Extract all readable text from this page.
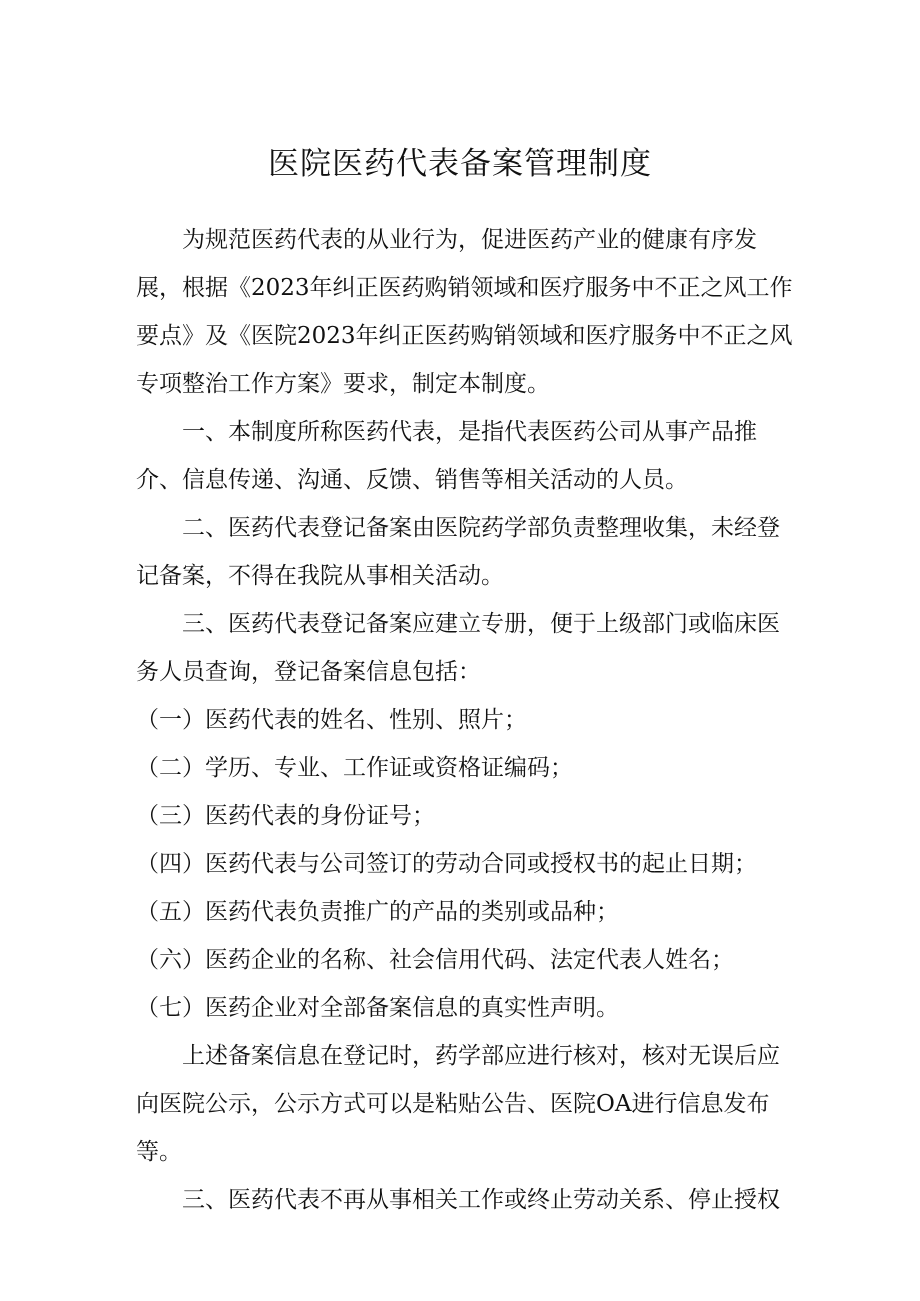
医院医药代表备案管理制度

为规范医药代表的从业行为，促进医药产业的健康有序发展，根据《2023年纠正医药购销领域和医疗服务中不正之风工作要点》及《医院2023年纠正医药购销领域和医疗服务中不正之风专项整治工作方案》要求，制定本制度。

一、本制度所称医药代表，是指代表医药公司从事产品推介、信息传递、沟通、反馈、销售等相关活动的人员。

二、医药代表登记备案由医院药学部负责整理收集，未经登记备案，不得在我院从事相关活动。

三、医药代表登记备案应建立专册，便于上级部门或临床医务人员查询，登记备案信息包括：

（一）医药代表的姓名、性别、照片；

（二）学历、专业、工作证或资格证编码；

（三）医药代表的身份证号；

（四）医药代表与公司签订的劳动合同或授权书的起止日期；

（五）医药代表负责推广的产品的类别或品种；

（六）医药企业的名称、社会信用代码、法定代表人姓名；

（七）医药企业对全部备案信息的真实性声明。

上述备案信息在登记时，药学部应进行核对，核对无误后应向医院公示，公示方式可以是粘贴公告、医院OA进行信息发布等。

三、医药代表不再从事相关工作或终止劳动关系、停止授权
